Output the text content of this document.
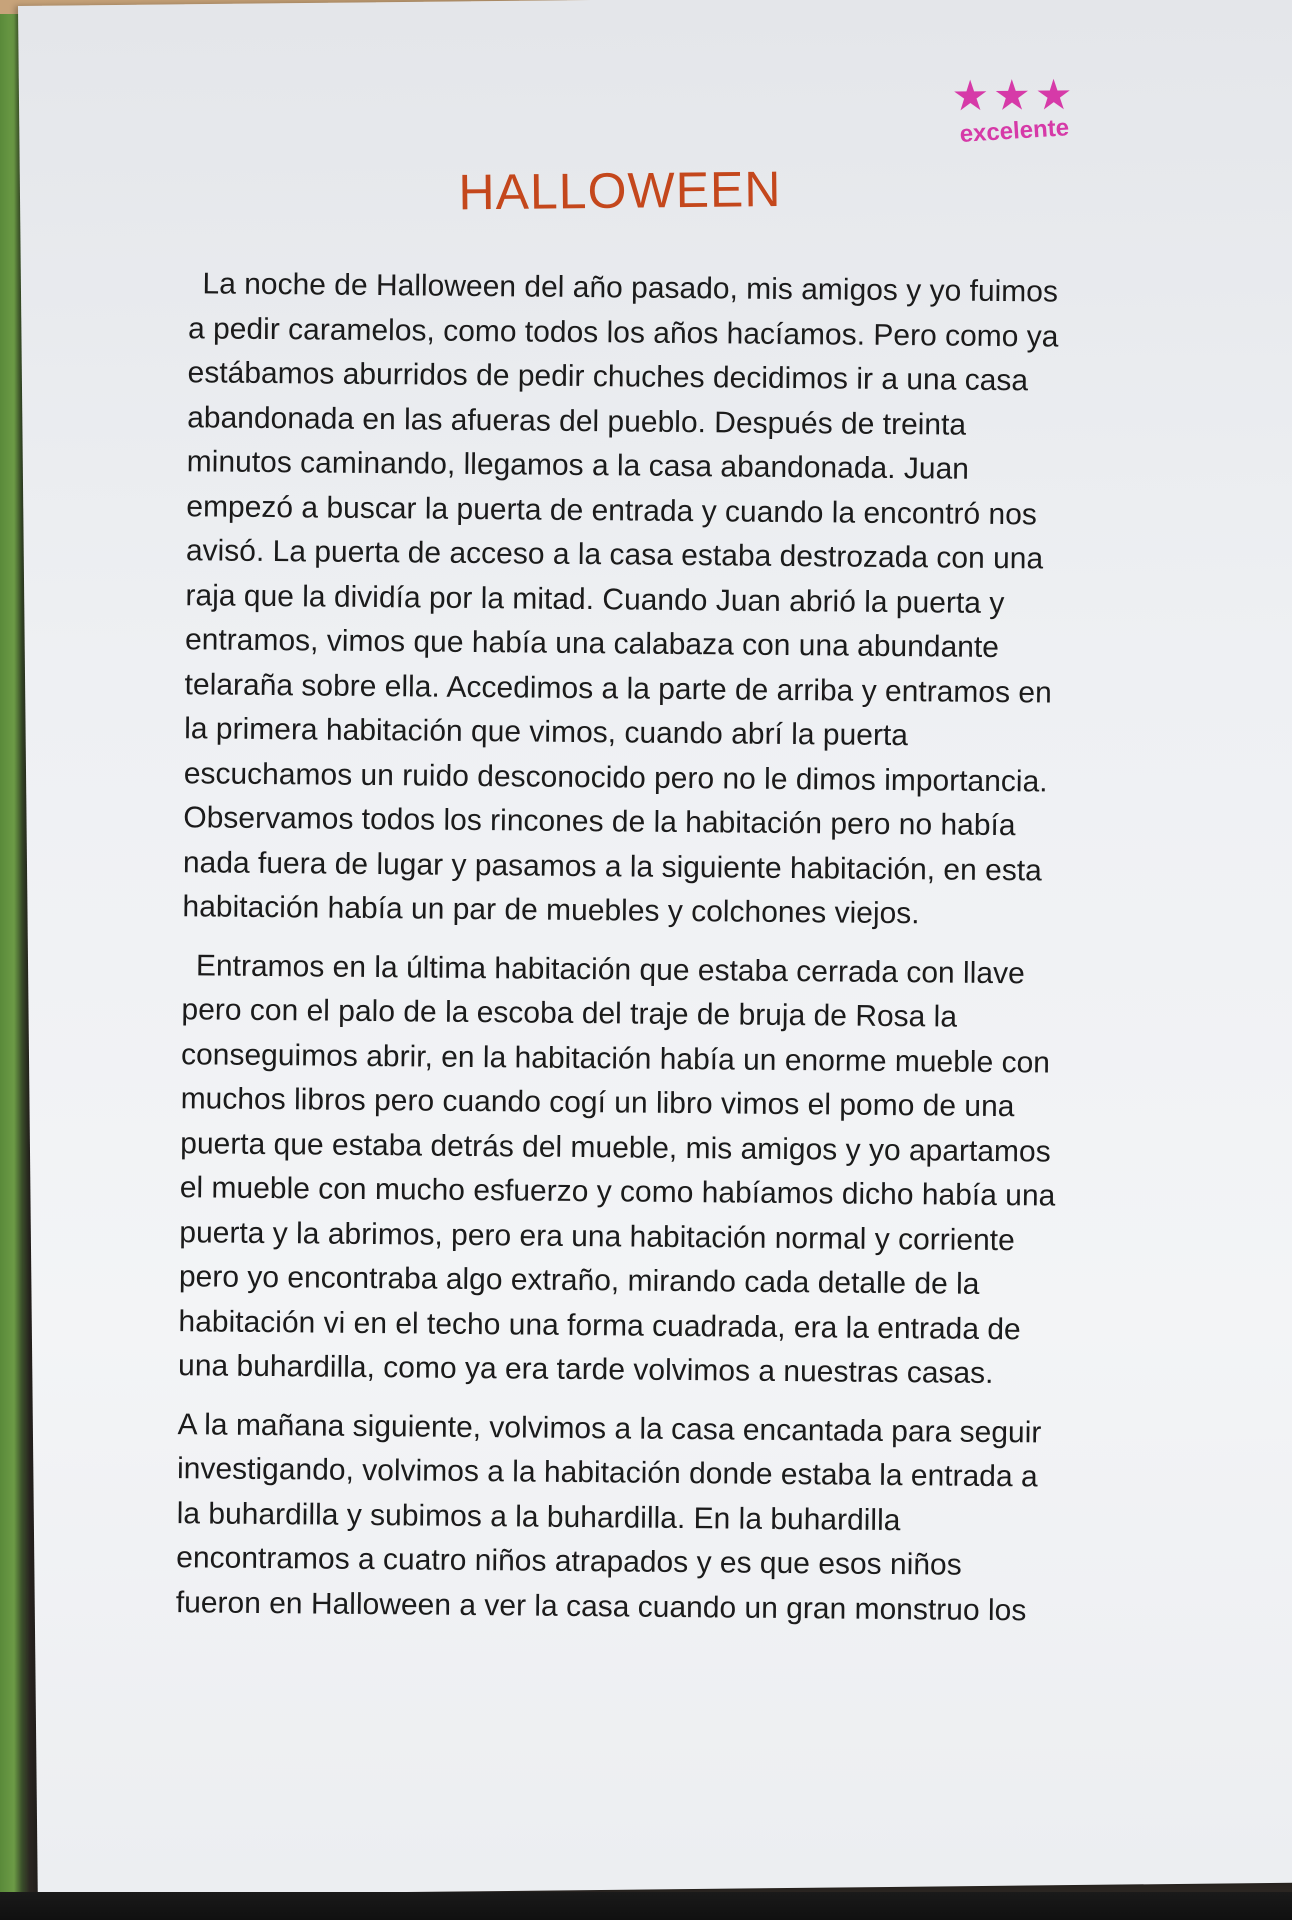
★★★
excelente
HALLOWEEN

La noche de Halloween del año pasado, mis amigos y yo fuimos
a pedir caramelos, como todos los años hacíamos. Pero como ya
estábamos aburridos de pedir chuches decidimos ir a una casa
abandonada en las afueras del pueblo. Después de treinta
minutos caminando, llegamos a la casa abandonada. Juan
empezó a buscar la puerta de entrada y cuando la encontró nos
avisó. La puerta de acceso a la casa estaba destrozada con una
raja que la dividía por la mitad. Cuando Juan abrió la puerta y
entramos, vimos que había una calabaza con una abundante
telaraña sobre ella. Accedimos a la parte de arriba y entramos en
la primera habitación que vimos, cuando abrí la puerta
escuchamos un ruido desconocido pero no le dimos importancia.
Observamos todos los rincones de la habitación pero no había
nada fuera de lugar y pasamos a la siguiente habitación, en esta
habitación había un par de muebles y colchones viejos.

Entramos en la última habitación que estaba cerrada con llave
pero con el palo de la escoba del traje de bruja de Rosa la
conseguimos abrir, en la habitación había un enorme mueble con
muchos libros pero cuando cogí un libro vimos el pomo de una
puerta que estaba detrás del mueble, mis amigos y yo apartamos
el mueble con mucho esfuerzo y como habíamos dicho había una
puerta y la abrimos, pero era una habitación normal y corriente
pero yo encontraba algo extraño, mirando cada detalle de la
habitación vi en el techo una forma cuadrada, era la entrada de
una buhardilla, como ya era tarde volvimos a nuestras casas.

A la mañana siguiente, volvimos a la casa encantada para seguir
investigando, volvimos a la habitación donde estaba la entrada a
la buhardilla y subimos a la buhardilla. En la buhardilla
encontramos a cuatro niños atrapados y es que esos niños
fueron en Halloween a ver la casa cuando un gran monstruo los
